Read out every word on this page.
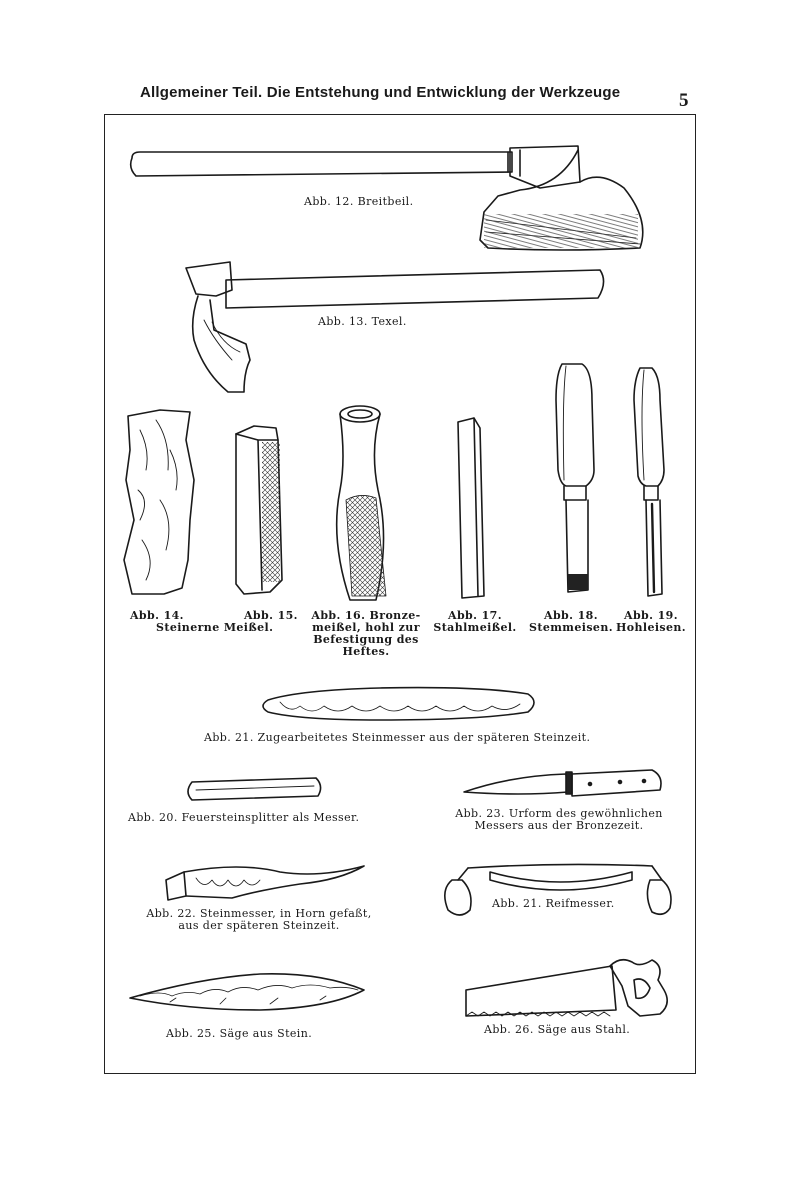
Allgemeiner Teil. Die Entstehung und Entwicklung der Werkzeuge	5
Abb. 12. Breitbeil.
Abb. 13. Texel.
Abb. 14.	Abb. 15.
Steinerne Meißel.
Abb. 16. Bronze-
meißel, hohl zur
Befestigung des
Heftes.
Abb. 17.
Stahlmeißel.
Abb. 18.
Stemmeisen.
Abb. 19.
Hohleisen.
Abb. 21. Zugearbeitetes Steinmesser aus der späteren Steinzeit.
Abb. 20. Feuersteinsplitter als Messer.	Abb. 23. Urform des gewöhnlichen
Messers aus der Bronzezeit.
Abb. 22. Steinmesser, in Horn gefaßt,
aus der späteren Steinzeit.
Abb. 21. Reifmesser.
Abb. 25. Säge aus Stein.	Abb. 26. Säge aus Stahl.
